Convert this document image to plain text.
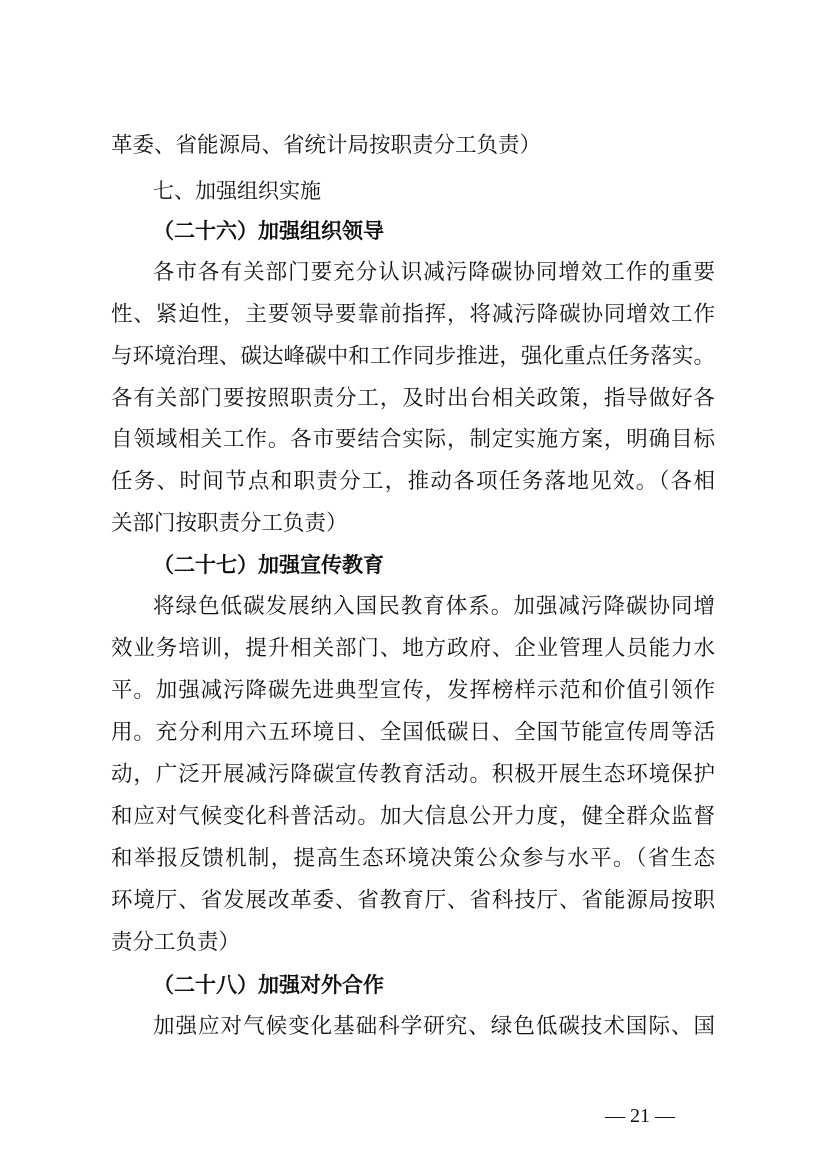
革委、省能源局、省统计局按职责分工负责）
七、加强组织实施
（二十六）加强组织领导
各市各有关部门要充分认识减污降碳协同增效工作的重要
性、紧迫性，主要领导要靠前指挥，将减污降碳协同增效工作
与环境治理、碳达峰碳中和工作同步推进，强化重点任务落实。
各有关部门要按照职责分工，及时出台相关政策，指导做好各
自领域相关工作。各市要结合实际，制定实施方案，明确目标
任务、时间节点和职责分工，推动各项任务落地见效。（各相
关部门按职责分工负责）
（二十七）加强宣传教育
将绿色低碳发展纳入国民教育体系。加强减污降碳协同增
效业务培训，提升相关部门、地方政府、企业管理人员能力水
平。加强减污降碳先进典型宣传，发挥榜样示范和价值引领作
用。充分利用六五环境日、全国低碳日、全国节能宣传周等活
动，广泛开展减污降碳宣传教育活动。积极开展生态环境保护
和应对气候变化科普活动。加大信息公开力度，健全群众监督
和举报反馈机制，提高生态环境决策公众参与水平。（省生态
环境厅、省发展改革委、省教育厅、省科技厅、省能源局按职
责分工负责）
（二十八）加强对外合作
加强应对气候变化基础科学研究、绿色低碳技术国际、国
— 21 —
